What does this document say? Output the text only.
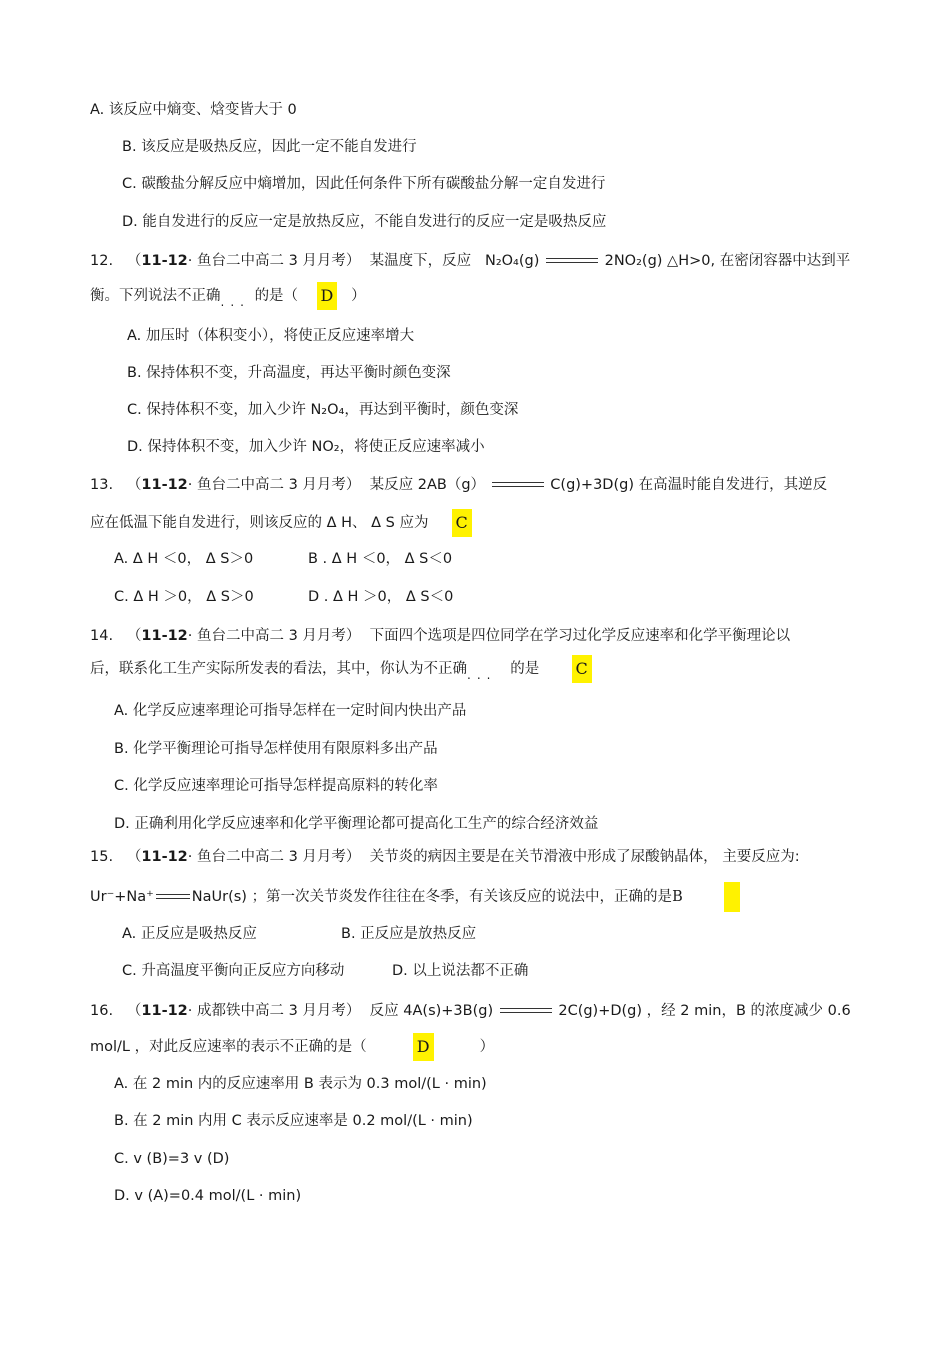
A. 该反应中熵变、焓变皆大于 0
B. 该反应是吸热反应，因此一定不能自发进行
C. 碳酸盐分解反应中熵增加，因此任何条件下所有碳酸盐分解一定自发进行
D. 能自发进行的反应一定是放热反应，不能自发进行的反应一定是吸热反应
12.   （11-12· 鱼台二中高二 3 月月考） 某温度下，反应 N₂O₄(g)	2NO₂(g) △H>0, 在密闭容器中达到平
衡。下列说法不正确$_{...}$ 的是（ D ）
A. 加压时（体积变小），将使正反应速率增大
B. 保持体积不变，升高温度，再达平衡时颜色变深
C. 保持体积不变，加入少许 N₂O₄，再达到平衡时，颜色变深
D. 保持体积不变，加入少许 NO₂，将使正反应速率减小
13.   （11-12· 鱼台二中高二 3 月月考） 某反应 2AB（g）	C(g)+3D(g) 在高温时能自发进行，其逆反
应在低温下能自发进行，则该反应的 Δ H、 Δ S 应为 C
A. Δ H ＜0， Δ S＞0	B . Δ H ＜0， Δ S＜0
C. Δ H ＞0， Δ S＞0	D . Δ H ＞0， Δ S＜0
14.   （11-12· 鱼台二中高二 3 月月考） 下面四个选项是四位同学在学习过化学反应速率和化学平衡理论以
后，联系化工生产实际所发表的看法，其中，你认为不正确$_{...}$ 的是 C
A. 化学反应速率理论可指导怎样在一定时间内快出产品
B. 化学平衡理论可指导怎样使用有限原料多出产品
C. 化学反应速率理论可指导怎样提高原料的转化率
D. 正确利用化学反应速率和化学平衡理论都可提高化工生产的综合经济效益
15.   （11-12· 鱼台二中高二 3 月月考） 关节炎的病因主要是在关节滑液中形成了尿酸钠晶体， 主要反应为:
Ur⁻+Na⁺	NaUr(s) ；第一次关节炎发作往往在冬季，有关该反应的说法中，正确的是B
A. 正反应是吸热反应	B. 正反应是放热反应
C. 升高温度平衡向正反应方向移动	D. 以上说法都不正确
16.   （11-12· 成都铁中高二 3 月月考） 反应 4A(s)+3B(g)	2C(g)+D(g) ，经 2 min，B 的浓度减少 0.6
mol/L ，对此反应速率的表示不正确的是（	D	）
A. 在 2 min 内的反应速率用 B 表示为 0.3 mol/(L · min)
B. 在 2 min 内用 C 表示反应速率是 0.2 mol/(L · min)
C. v (B)=3 v (D)
D. v (A)=0.4 mol/(L · min)
